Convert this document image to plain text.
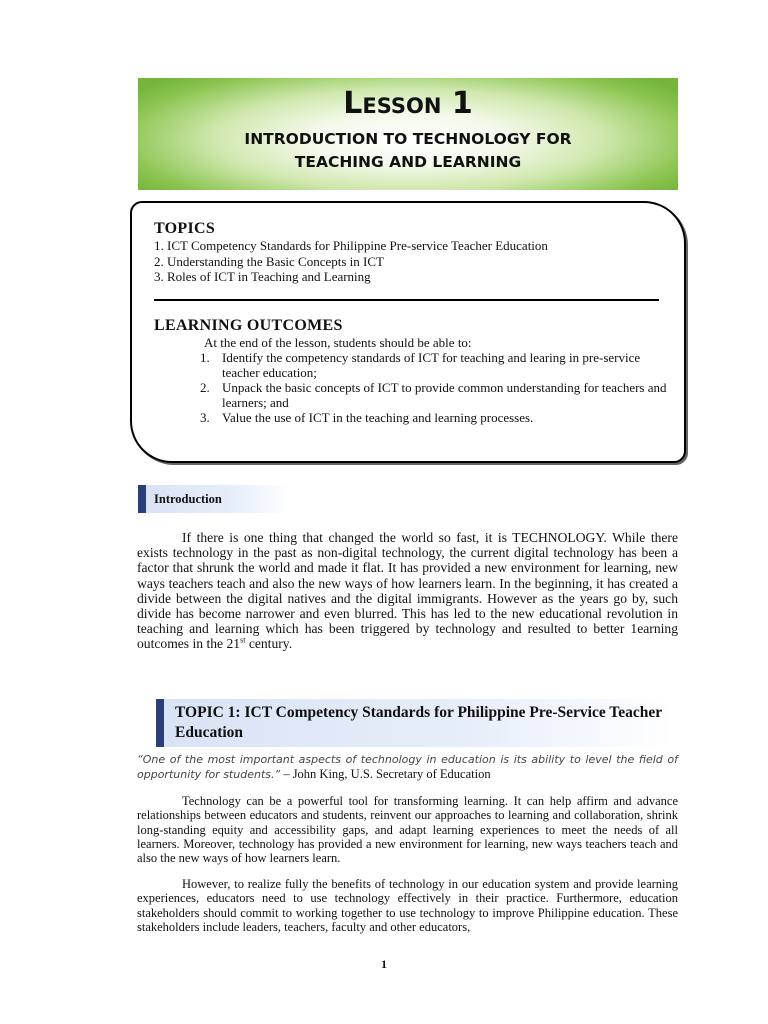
Lesson 1
INTRODUCTION TO TECHNOLOGY FOR
TEACHING AND LEARNING
TOPICS
1. ICT Competency Standards for Philippine Pre-service Teacher Education
2. Understanding the Basic Concepts in ICT
3. Roles of ICT in Teaching and Learning
LEARNING OUTCOMES
At the end of the lesson, students should be able to:
1. Identify the competency standards of ICT for teaching and learing in pre-service teacher education;
2. Unpack the basic concepts of ICT to provide common understanding for teachers and learners; and
3. Value the use of ICT in the teaching and learning processes.
Introduction

If there is one thing that changed the world so fast, it is TECHNOLOGY. While there exists technology in the past as non-digital technology, the current digital technology has been a factor that shrunk the world and made it flat. It has provided a new environment for learning, new ways teachers teach and also the new ways of how learners learn. In the beginning, it has created a divide between the digital natives and the digital immigrants. However as the years go by, such divide has become narrower and even blurred. This has led to the new educational revolution in teaching and learning which has been triggered by technology and resulted to better 1earning outcomes in the 21st century.

TOPIC 1: ICT Competency Standards for Philippine Pre-Service Teacher Education
“One of the most important aspects of technology in education is its ability to level the field of opportunity for students.” – John King, U.S. Secretary of Education

Technology can be a powerful tool for transforming learning. It can help affirm and advance relationships between educators and students, reinvent our approaches to learning and collaboration, shrink long-standing equity and accessibility gaps, and adapt learning experiences to meet the needs of all learners. Moreover, technology has provided a new environment for learning, new ways teachers teach and also the new ways of how learners learn.

However, to realize fully the benefits of technology in our education system and provide learning experiences, educators need to use technology effectively in their practice. Furthermore, education stakeholders should commit to working together to use technology to improve Philippine education. These stakeholders include leaders, teachers, faculty and other educators,

1
